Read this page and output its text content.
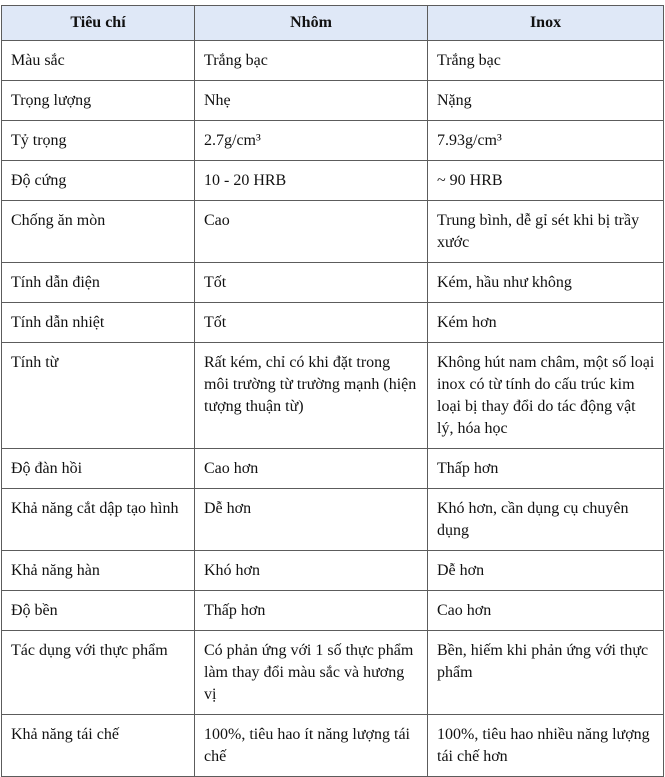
Tiêu chí	Nhôm	Inox
Màu sắc	Trắng bạc	Trắng bạc
Trọng lượng	Nhẹ	Nặng
Tỷ trọng	2.7g/cm³	7.93g/cm³
Độ cứng	10 - 20 HRB	~ 90 HRB
Chống ăn mòn	Cao	Trung bình, dễ gỉ sét khi bị trầy xước
Tính dẫn điện	Tốt	Kém, hầu như không
Tính dẫn nhiệt	Tốt	Kém hơn
Tính từ	Rất kém, chỉ có khi đặt trong môi trường từ trường mạnh (hiện tượng thuận từ)	Không hút nam châm, một số loại inox có từ tính do cấu trúc kim loại bị thay đổi do tác động vật lý, hóa học
Độ đàn hồi	Cao hơn	Thấp hơn
Khả năng cắt dập tạo hình	Dễ hơn	Khó hơn, cần dụng cụ chuyên dụng
Khả năng hàn	Khó hơn	Dễ hơn
Độ bền	Thấp hơn	Cao hơn
Tác dụng với thực phẩm	Có phản ứng với 1 số thực phẩm làm thay đổi màu sắc và hương vị	Bền, hiếm khi phản ứng với thực phẩm
Khả năng tái chế	100%, tiêu hao ít năng lượng tái chế	100%, tiêu hao nhiều năng lượng tái chế hơn
